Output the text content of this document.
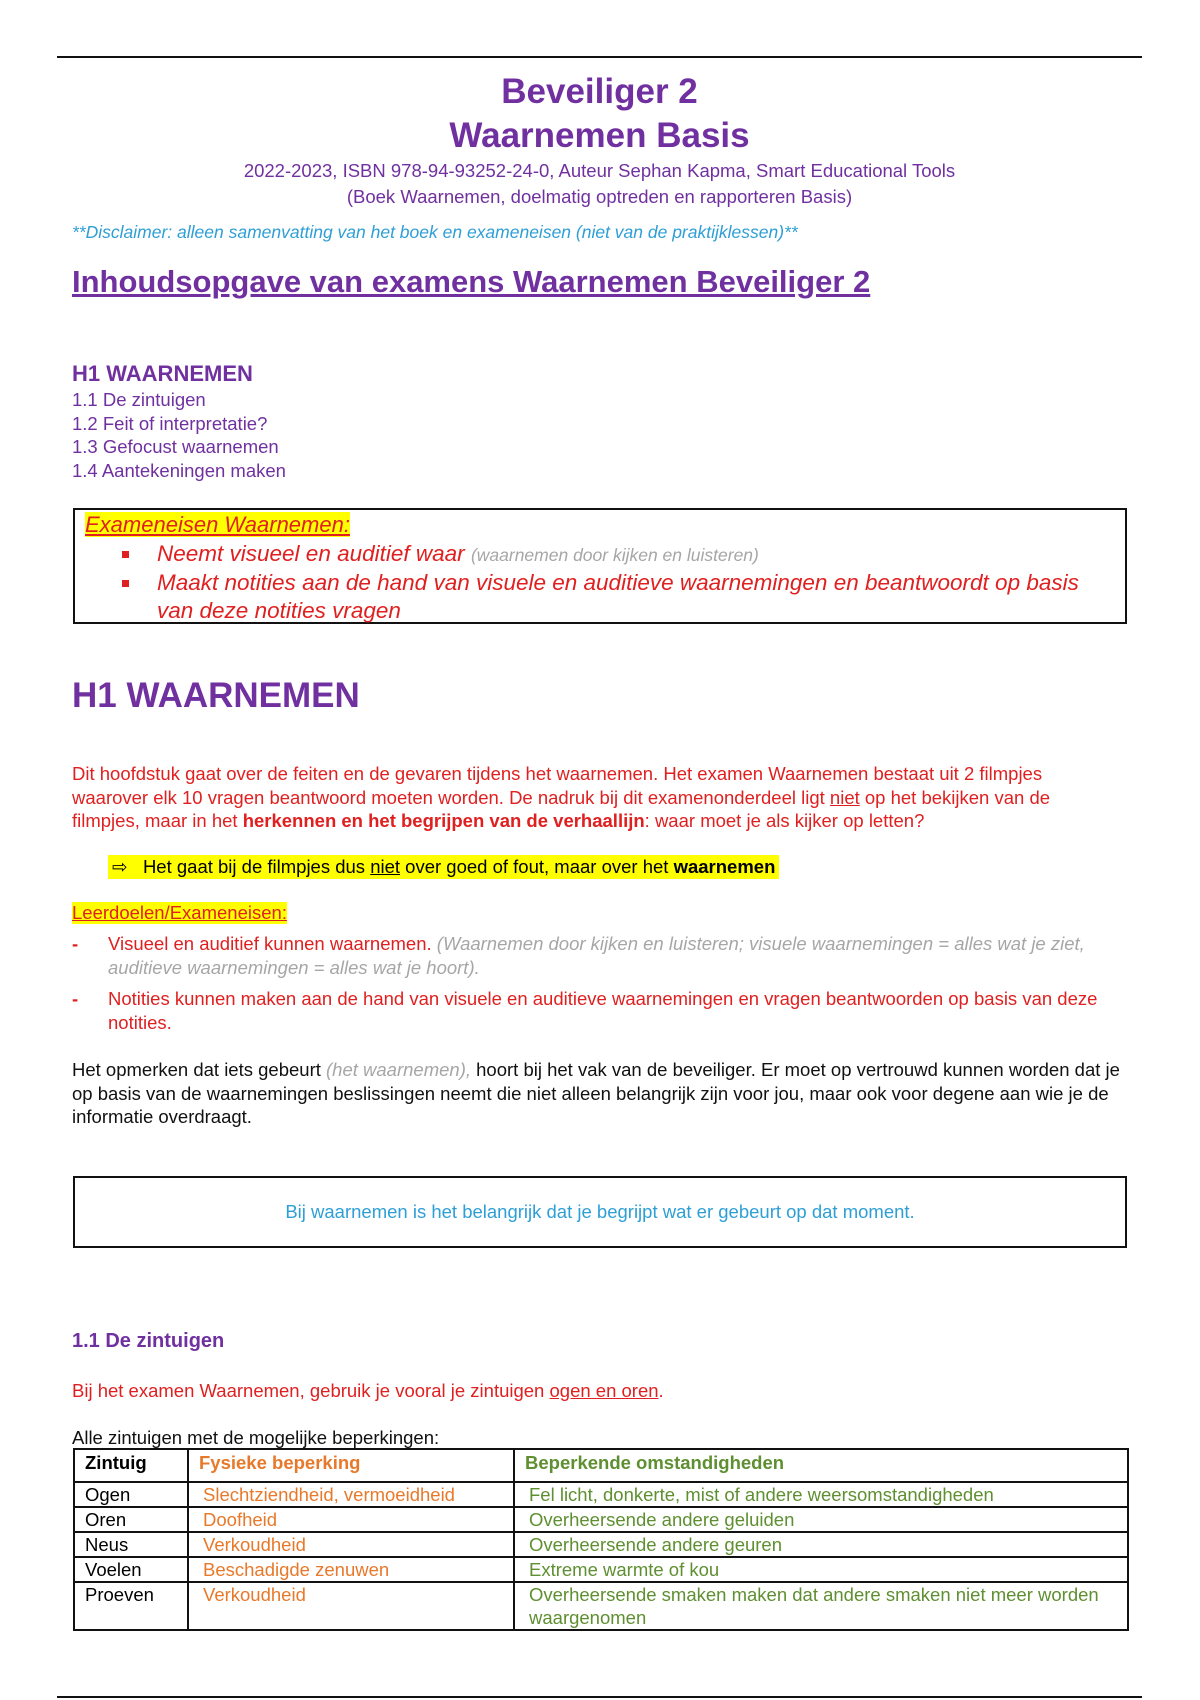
Beveiliger 2
Waarnemen Basis
2022-2023, ISBN 978-94-93252-24-0, Auteur Sephan Kapma, Smart Educational Tools
(Boek Waarnemen, doelmatig optreden en rapporteren Basis)
**Disclaimer: alleen samenvatting van het boek en exameneisen (niet van de praktijklessen)**
Inhoudsopgave van examens Waarnemen Beveiliger 2
H1 WAARNEMEN
1.1 De zintuigen
1.2 Feit of interpretatie?
1.3 Gefocust waarnemen
1.4 Aantekeningen maken
Exameneisen Waarnemen:
Neemt visueel en auditief waar (waarnemen door kijken en luisteren)
Maakt notities aan de hand van visuele en auditieve waarnemingen en beantwoordt op basis van deze notities vragen
H1 WAARNEMEN
Dit hoofdstuk gaat over de feiten en de gevaren tijdens het waarnemen. Het examen Waarnemen bestaat uit 2 filmpjes waarover elk 10 vragen beantwoord moeten worden. De nadruk bij dit examenonderdeel ligt niet op het bekijken van de filmpjes, maar in het herkennen en het begrijpen van de verhaallijn: waar moet je als kijker op letten?
⇨ Het gaat bij de filmpjes dus niet over goed of fout, maar over het waarnemen
Leerdoelen/Exameneisen:
- Visueel en auditief kunnen waarnemen. (Waarnemen door kijken en luisteren; visuele waarnemingen = alles wat je ziet, auditieve waarnemingen = alles wat je hoort).
- Notities kunnen maken aan de hand van visuele en auditieve waarnemingen en vragen beantwoorden op basis van deze notities.
Het opmerken dat iets gebeurt (het waarnemen), hoort bij het vak van de beveiliger. Er moet op vertrouwd kunnen worden dat je op basis van de waarnemingen beslissingen neemt die niet alleen belangrijk zijn voor jou, maar ook voor degene aan wie je de informatie overdraagt.
Bij waarnemen is het belangrijk dat je begrijpt wat er gebeurt op dat moment.
1.1 De zintuigen
Bij het examen Waarnemen, gebruik je vooral je zintuigen ogen en oren.
Alle zintuigen met de mogelijke beperkingen:
Zintuig	Fysieke beperking	Beperkende omstandigheden
Ogen	Slechtziendheid, vermoeidheid	Fel licht, donkerte, mist of andere weersomstandigheden
Oren	Doofheid	Overheersende andere geluiden
Neus	Verkoudheid	Overheersende andere geuren
Voelen	Beschadigde zenuwen	Extreme warmte of kou
Proeven	Verkoudheid	Overheersende smaken maken dat andere smaken niet meer worden waargenomen
